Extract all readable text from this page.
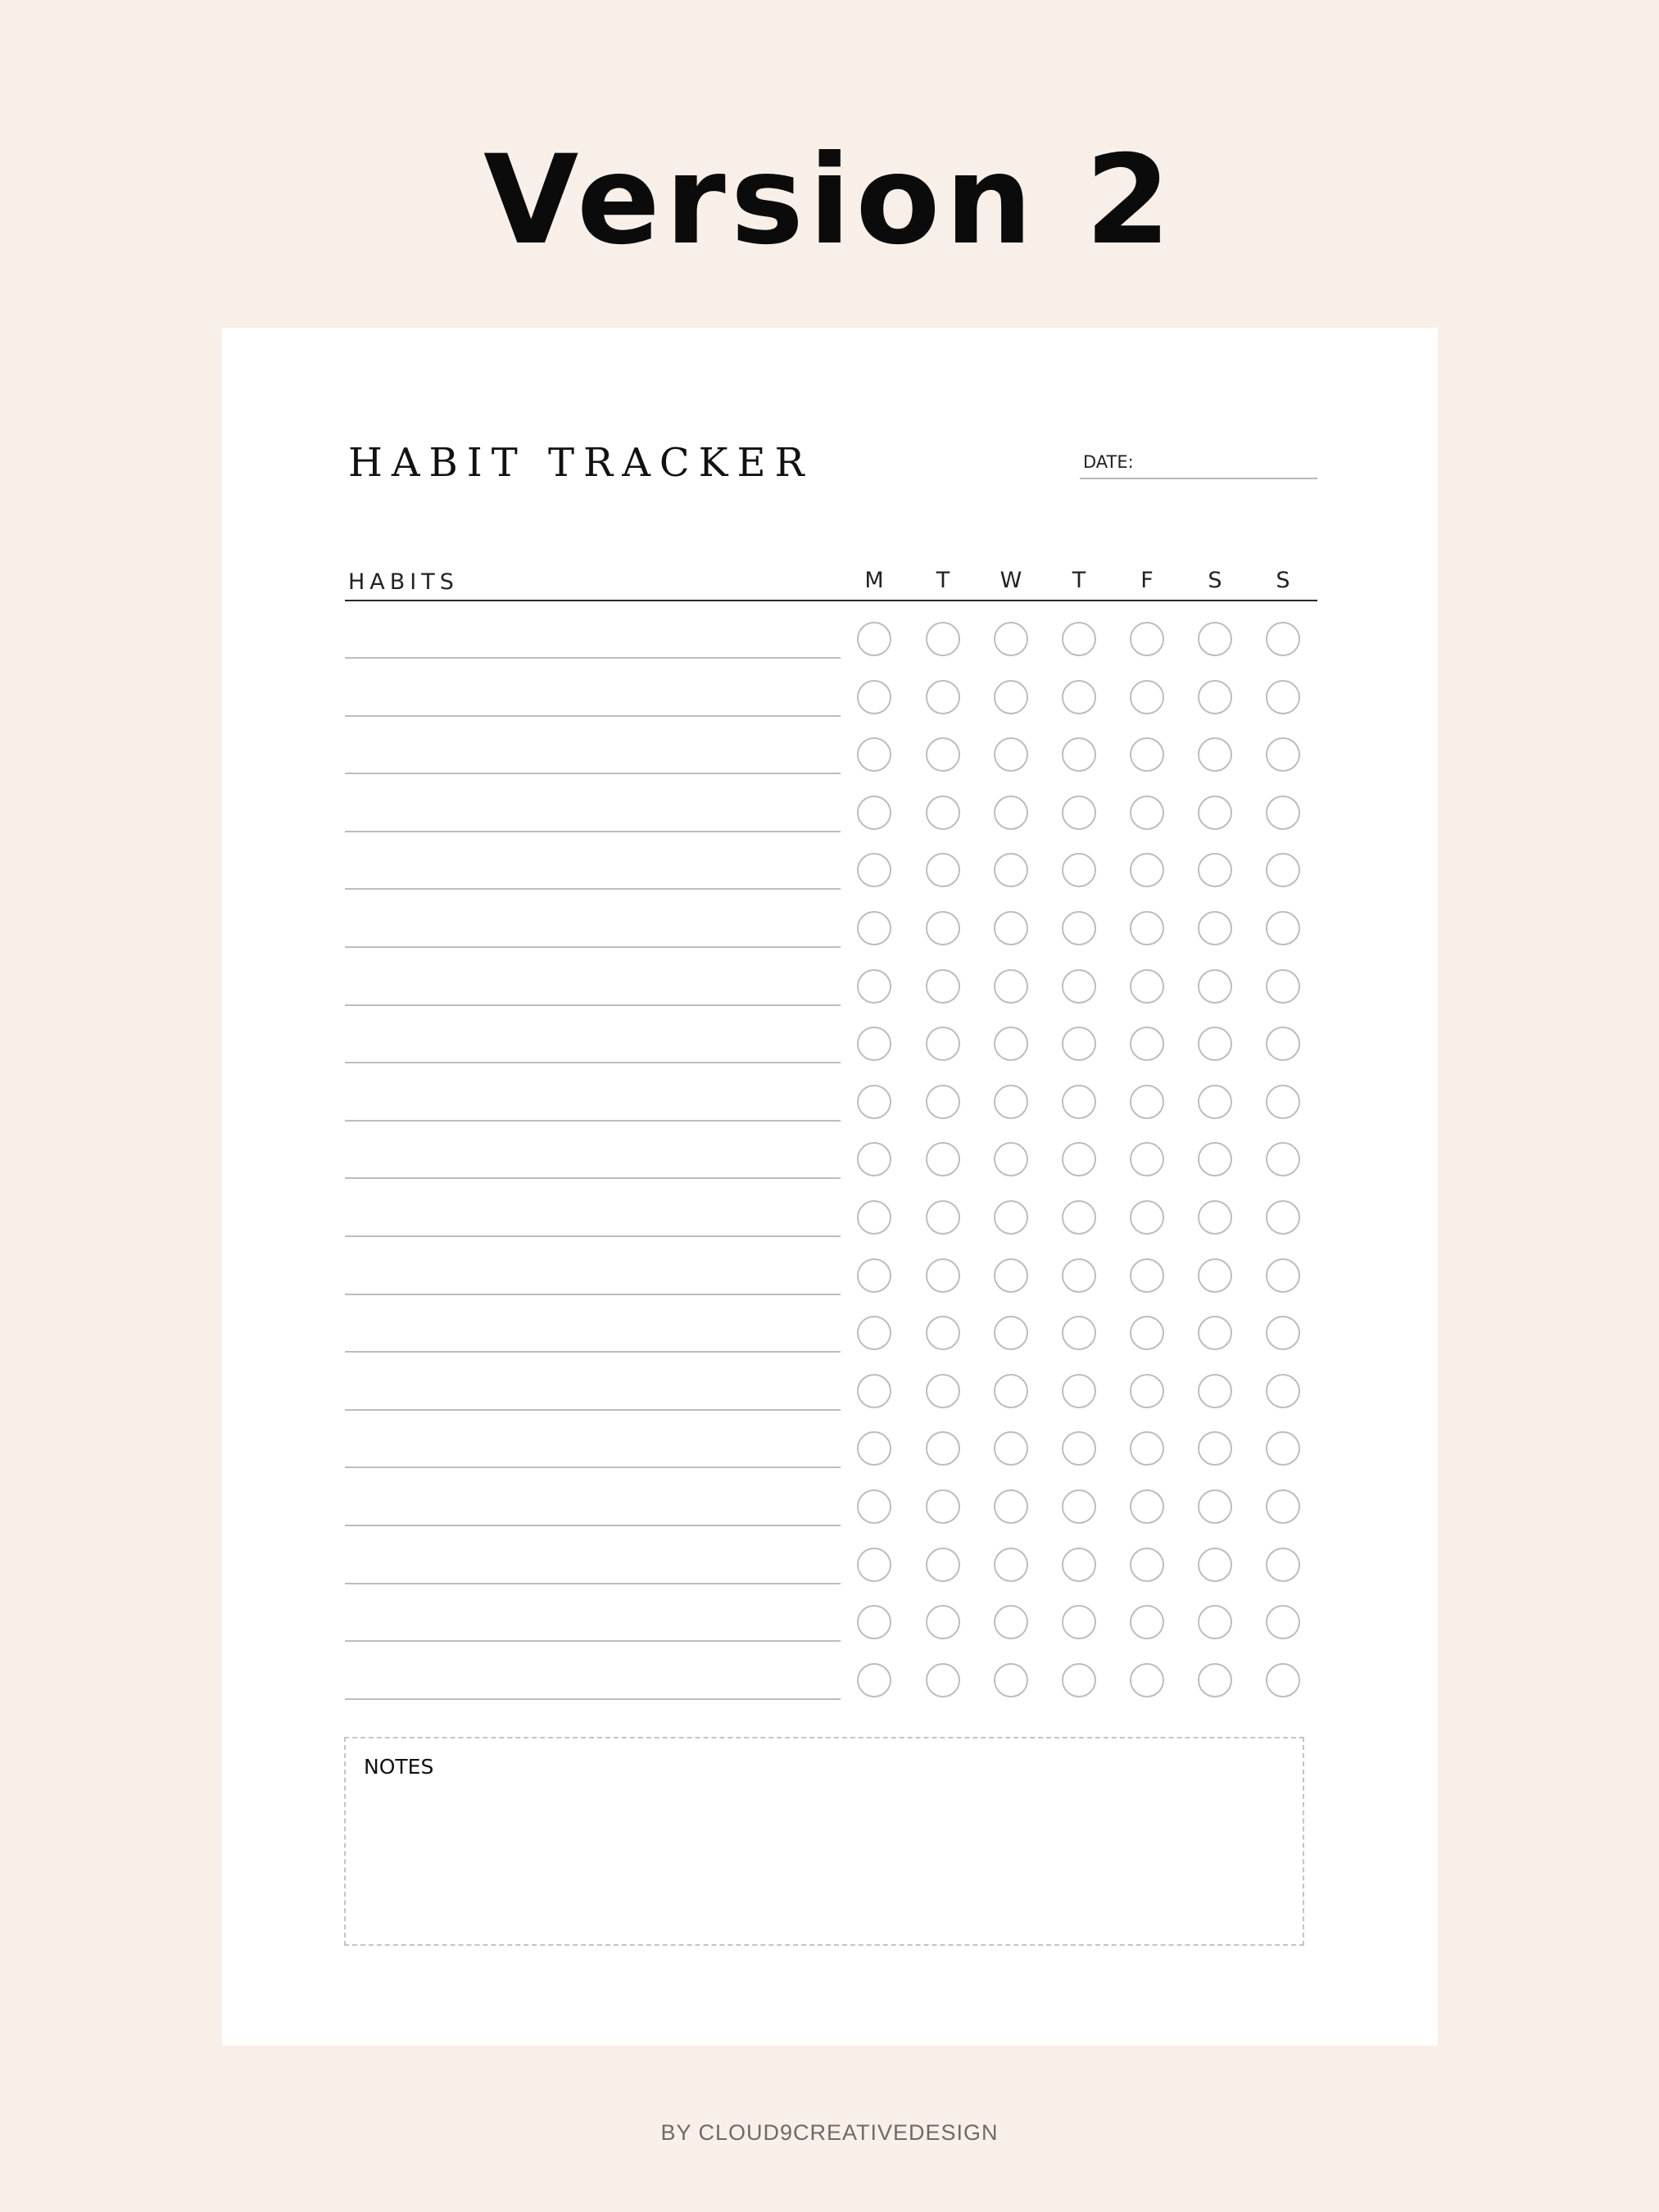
Version 2
HABIT TRACKER	DATE:
HABITS	M	T	W	T	F	S	S
NOTES
BY CLOUD9CREATIVEDESIGN
